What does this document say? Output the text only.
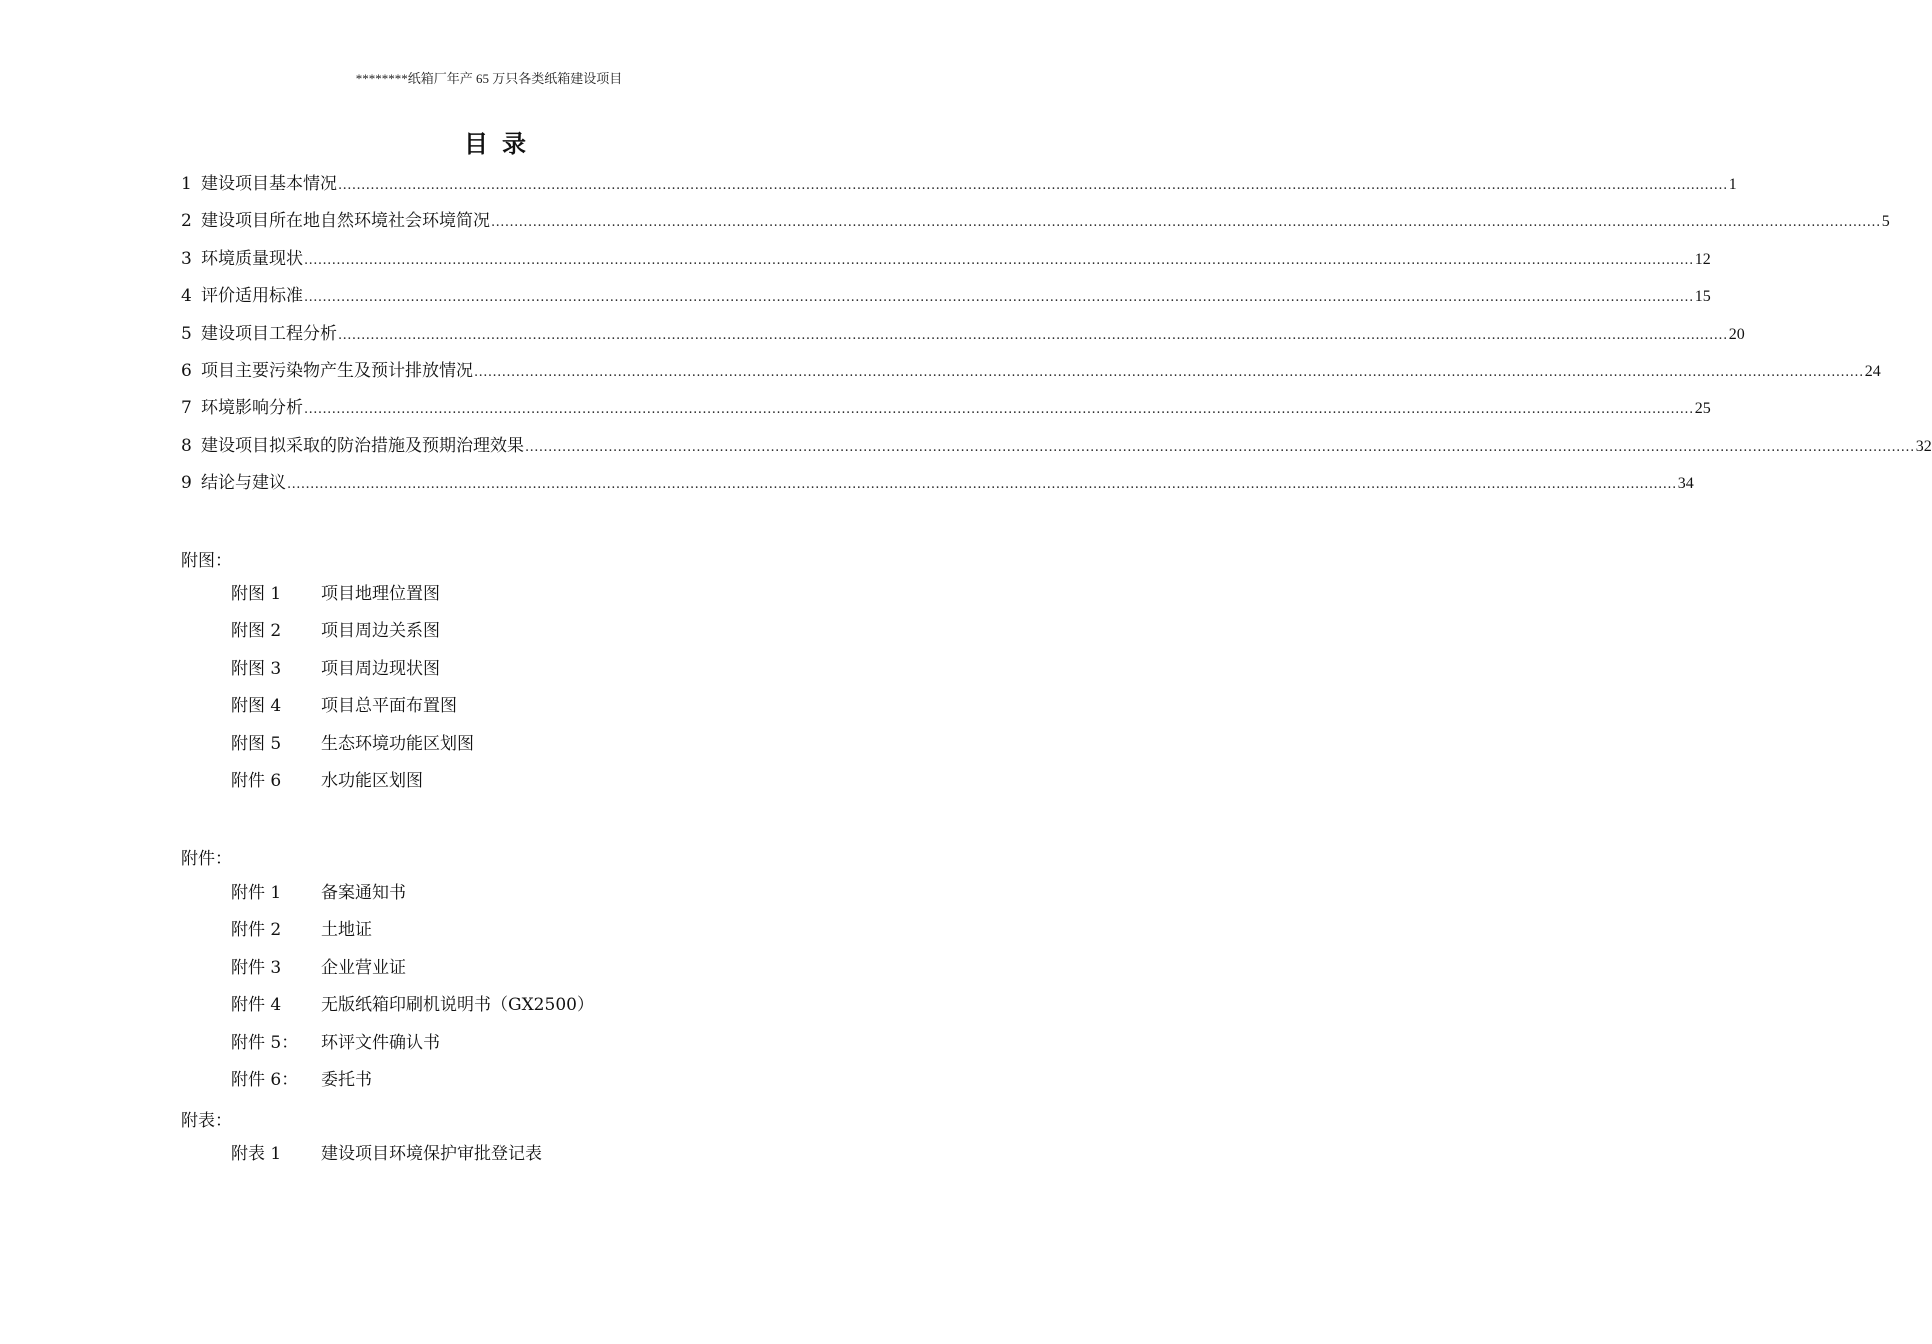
********纸箱厂年产 65 万只各类纸箱建设项目
目录
1 建设项目基本情况 ............................................................................................................................................................................................................................................................................................................ 1
2 建设项目所在地自然环境社会环境简况 ............................................................................................................................................................................................................................................................................................................ 5
3 环境质量现状 ............................................................................................................................................................................................................................................................................................................ 12
4 评价适用标准 ............................................................................................................................................................................................................................................................................................................ 15
5 建设项目工程分析 ............................................................................................................................................................................................................................................................................................................ 20
6 项目主要污染物产生及预计排放情况 ............................................................................................................................................................................................................................................................................................................ 24
7 环境影响分析 ............................................................................................................................................................................................................................................................................................................ 25
8 建设项目拟采取的防治措施及预期治理效果 ............................................................................................................................................................................................................................................................................................................ 32
9 结论与建议 ............................................................................................................................................................................................................................................................................................................ 34
附图：
附图 1	项目地理位置图
附图 2	项目周边关系图
附图 3	项目周边现状图
附图 4	项目总平面布置图
附图 5	生态环境功能区划图
附件 6	水功能区划图
附件：
附件 1	备案通知书
附件 2	土地证
附件 3	企业营业证
附件 4	无版纸箱印刷机说明书（GX2500）
附件 5：	环评文件确认书
附件 6：	委托书
附表：
附表 1	建设项目环境保护审批登记表
